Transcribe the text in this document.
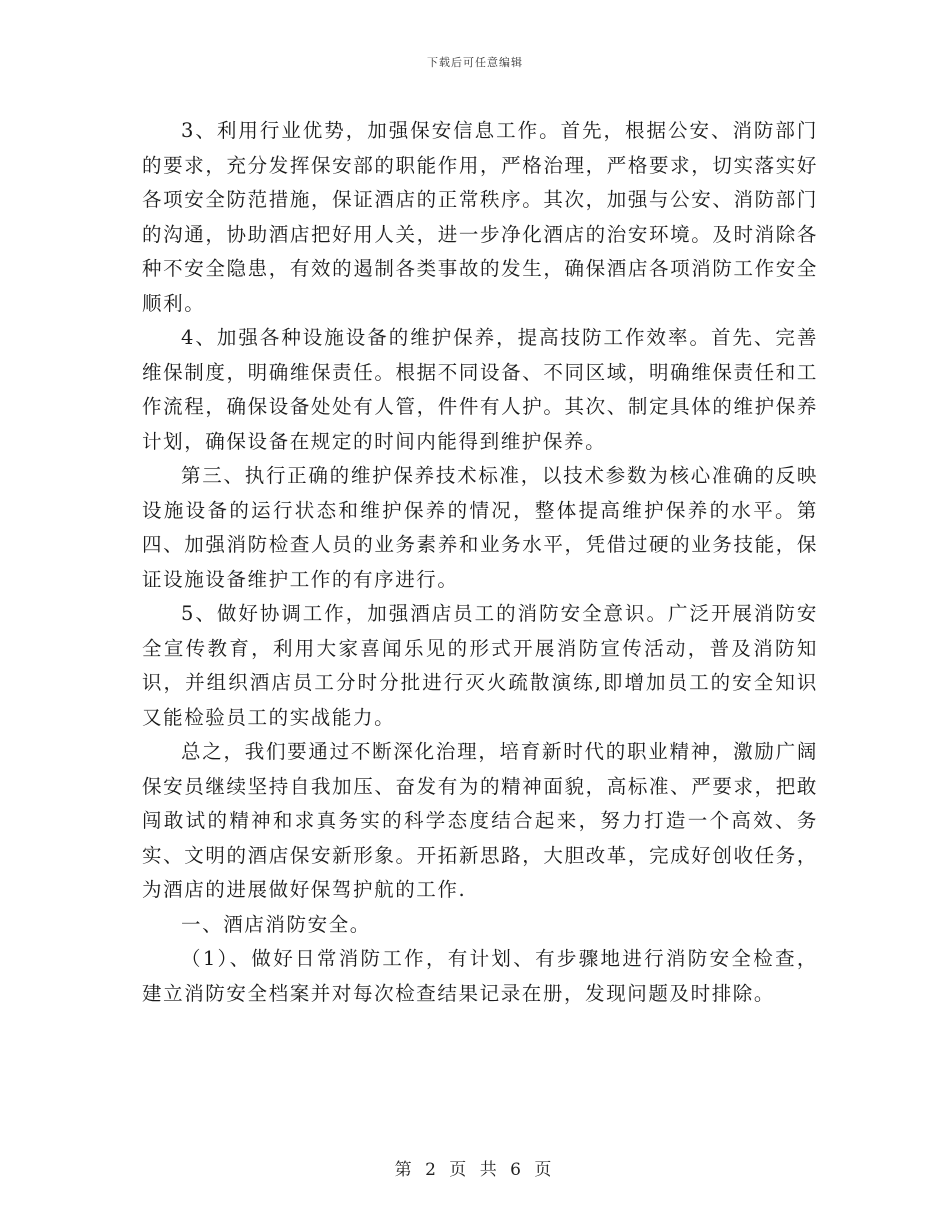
下载后可任意编辑

3、利用行业优势，加强保安信息工作。首先，根据公安、消防部门的要求，充分发挥保安部的职能作用，严格治理，严格要求，切实落实好各项安全防范措施，保证酒店的正常秩序。其次，加强与公安、消防部门的沟通，协助酒店把好用人关，进一步净化酒店的治安环境。及时消除各种不安全隐患，有效的遏制各类事故的发生，确保酒店各项消防工作安全顺利。

4、加强各种设施设备的维护保养，提高技防工作效率。首先、完善维保制度，明确维保责任。根据不同设备、不同区域，明确维保责任和工作流程，确保设备处处有人管，件件有人护。其次、制定具体的维护保养计划，确保设备在规定的时间内能得到维护保养。

第三、执行正确的维护保养技术标准，以技术参数为核心准确的反映设施设备的运行状态和维护保养的情况，整体提高维护保养的水平。第四、加强消防检查人员的业务素养和业务水平，凭借过硬的业务技能，保证设施设备维护工作的有序进行。

5、做好协调工作，加强酒店员工的消防安全意识。广泛开展消防安全宣传教育，利用大家喜闻乐见的形式开展消防宣传活动，普及消防知识，并组织酒店员工分时分批进行灭火疏散演练,即增加员工的安全知识又能检验员工的实战能力。

总之，我们要通过不断深化治理，培育新时代的职业精神，激励广阔保安员继续坚持自我加压、奋发有为的精神面貌，高标准、严要求，把敢闯敢试的精神和求真务实的科学态度结合起来，努力打造一个高效、务实、文明的酒店保安新形象。开拓新思路，大胆改革，完成好创收任务，为酒店的进展做好保驾护航的工作.

一、酒店消防安全。

（1）、做好日常消防工作，有计划、有步骤地进行消防安全检查，建立消防安全档案并对每次检查结果记录在册，发现问题及时排除。

第 2 页 共 6 页
